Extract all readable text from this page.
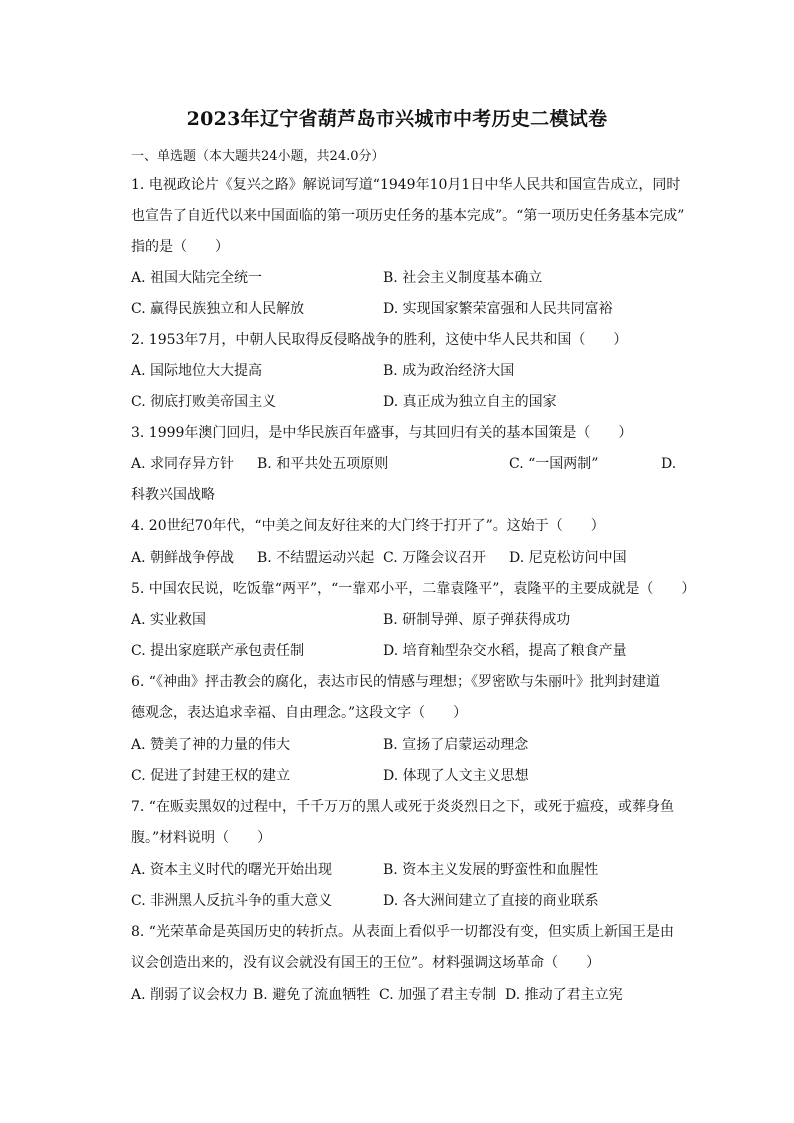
2023年辽宁省葫芦岛市兴城市中考历史二模试卷
一、单选题（本大题共24小题，共24.0分）
1. 电视政论片《复兴之路》解说词写道“1949年10月1日中华人民共和国宣告成立，同时
也宣告了自近代以来中国面临的第一项历史任务的基本完成”。“第一项历史任务基本完成”
指的是（　　）
A. 祖国大陆完全统一	B. 社会主义制度基本确立
C. 赢得民族独立和人民解放	D. 实现国家繁荣富强和人民共同富裕
2. 1953年7月，中朝人民取得反侵略战争的胜利，这使中华人民共和国（　　）
A. 国际地位大大提高	B. 成为政治经济大国
C. 彻底打败美帝国主义	D. 真正成为独立自主的国家
3. 1999年澳门回归，是中华民族百年盛事，与其回归有关的基本国策是（　　）
A. 求同存异方针 B. 和平共处五项原则	C. “一国两制”	D.
科教兴国战略
4. 20世纪70年代，“中美之间友好往来的大门终于打开了”。这始于（　　）
A. 朝鲜战争停战 B. 不结盟运动兴起 C. 万隆会议召开 D. 尼克松访问中国
5. 中国农民说，吃饭靠“两平”，“一靠邓小平，二靠袁隆平”，袁隆平的主要成就是（　　）
A. 实业救国	B. 研制导弹、原子弹获得成功
C. 提出家庭联产承包责任制	D. 培育籼型杂交水稻，提高了粮食产量
6. “《神曲》抨击教会的腐化，表达市民的情感与理想；《罗密欧与朱丽叶》批判封建道
德观念，表达追求幸福、自由理念。”这段文字（　　）
A. 赞美了神的力量的伟大	B. 宣扬了启蒙运动理念
C. 促进了封建王权的建立	D. 体现了人文主义思想
7. “在贩卖黑奴的过程中，千千万万的黑人或死于炎炎烈日之下，或死于瘟疫，或葬身鱼
腹。”材料说明（　　）
A. 资本主义时代的曙光开始出现	B. 资本主义发展的野蛮性和血腥性
C. 非洲黑人反抗斗争的重大意义	D. 各大洲间建立了直接的商业联系
8. “光荣革命是英国历史的转折点。从表面上看似乎一切都没有变，但实质上新国王是由
议会创造出来的，没有议会就没有国王的王位”。材料强调这场革命（　　）
A. 削弱了议会权力 B. 避免了流血牺牲 C. 加强了君主专制 D. 推动了君主立宪
